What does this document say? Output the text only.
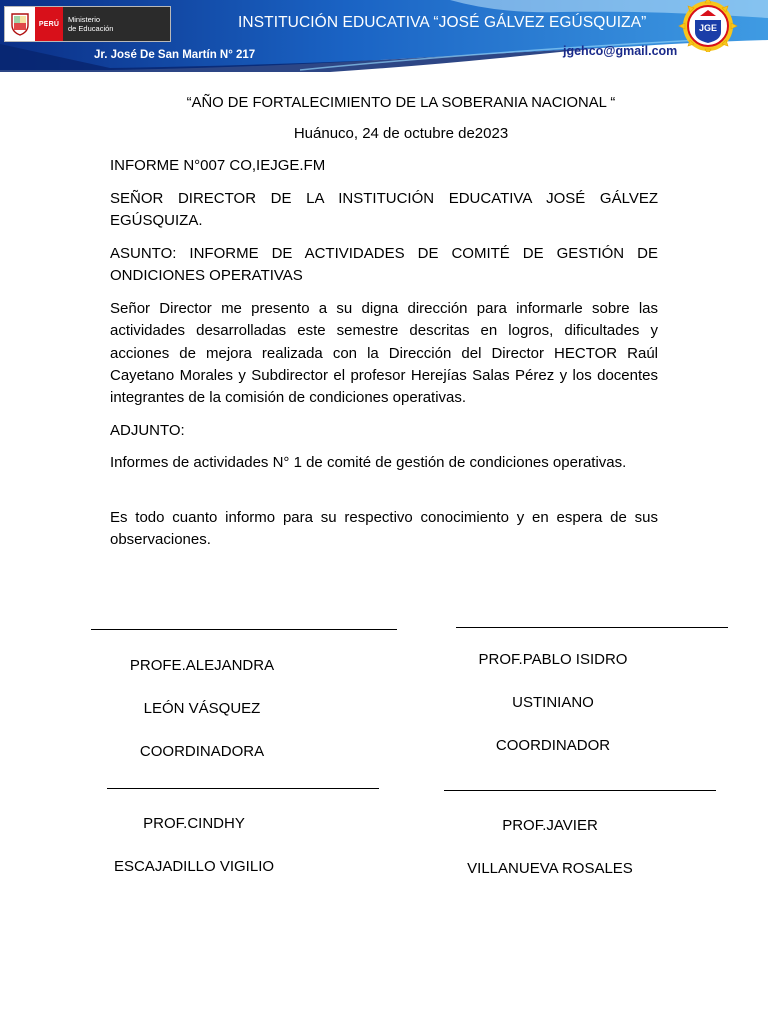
PERÚ	Ministerio
de Educación	INSTITUCIÓN EDUCATIVA “JOSÉ GÁLVEZ EGÚSQUIZA”
Jr. José De San Martín N° 217	jgehco@gmail.com
JGE

“AÑO DE FORTALECIMIENTO DE LA SOBERANIA NACIONAL “

Huánuco, 24 de octubre de2023

INFORME N°007 CO,IEJGE.FM

SEÑOR DIRECTOR DE LA INSTITUCIÓN EDUCATIVA JOSÉ GÁLVEZ EGÚSQUIZA.

ASUNTO: INFORME DE ACTIVIDADES DE COMITÉ DE GESTIÓN DE ONDICIONES OPERATIVAS

Señor Director me presento a su digna dirección para informarle sobre las actividades desarrolladas este semestre descritas en logros, dificultades y acciones de mejora realizada con la Dirección del Director HECTOR Raúl Cayetano Morales y Subdirector el profesor Herejías Salas Pérez y los docentes integrantes de la comisión de condiciones operativas.

ADJUNTO:

Informes de actividades N° 1 de comité de gestión de condiciones operativas.

Es todo cuanto informo para su respectivo conocimiento y en espera de sus observaciones.

PROFE.ALEJANDRA

LEÓN VÁSQUEZ

COORDINADORA

PROF.PABLO ISIDRO

USTINIANO

COORDINADOR

PROF.CINDHY

ESCAJADILLO VIGILIO

PROF.JAVIER

VILLANUEVA ROSALES
